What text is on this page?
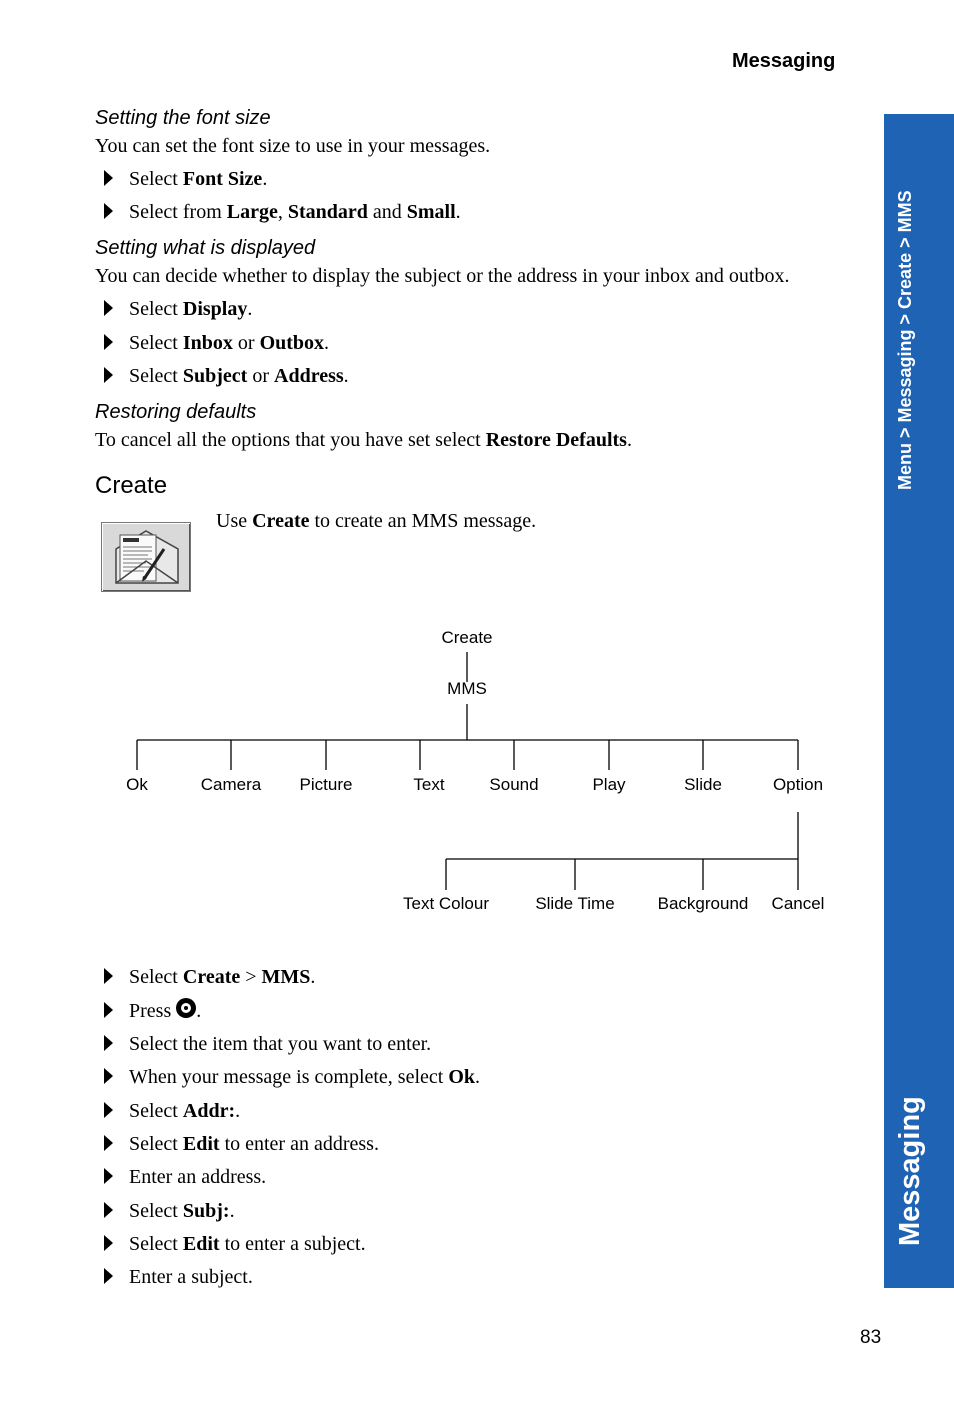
Messaging
Menu > Messaging > Create > MMS
Messaging
Setting the font size
You can set the font size to use in your messages.
Select Font Size.
Select from Large, Standard and Small.
Setting what is displayed
You can decide whether to display the subject or the address in your inbox and outbox.
Select Display.
Select Inbox or Outbox.
Select Subject or Address.
Restoring defaults
To cancel all the options that you have set select Restore Defaults.
Create
Use Create to create an MMS message.
Create
MMS
Ok	Camera Picture	Text	Sound	Play	Slide	Option
Text Colour	Slide Time	Background Cancel
Select Create > MMS.
Press .
Select the item that you want to enter.
When your message is complete, select Ok.
Select Addr:.
Select Edit to enter an address.
Enter an address.
Select Subj:.
Select Edit to enter a subject.
Enter a subject.
83
